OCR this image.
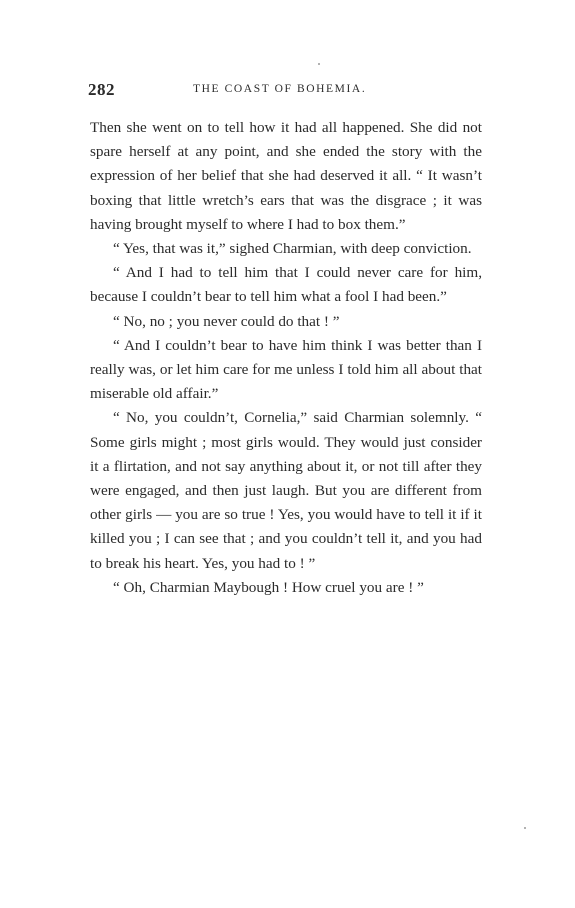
282	THE COAST OF BOHEMIA.

Then she went on to tell how it had all happened. She did not spare herself at any point, and she ended the story with the expression of her belief that she had deserved it all. “ It wasn’t boxing that little wretch’s ears that was the disgrace ; it was having brought myself to where I had to box them.”

“ Yes, that was it,” sighed Charmian, with deep conviction.

“ And I had to tell him that I could never care for him, because I couldn’t bear to tell him what a fool I had been.”

“ No, no ; you never could do that ! ”

“ And I couldn’t bear to have him think I was better than I really was, or let him care for me unless I told him all about that miserable old affair.”

“ No, you couldn’t, Cornelia,” said Charmian solemnly. “ Some girls might ; most girls would. They would just consider it a flirtation, and not say anything about it, or not till after they were engaged, and then just laugh. But you are different from other girls — you are so true ! Yes, you would have to tell it if it killed you ; I can see that ; and you couldn’t tell it, and you had to break his heart. Yes, you had to ! ”

“ Oh, Charmian Maybough ! How cruel you are ! ”
